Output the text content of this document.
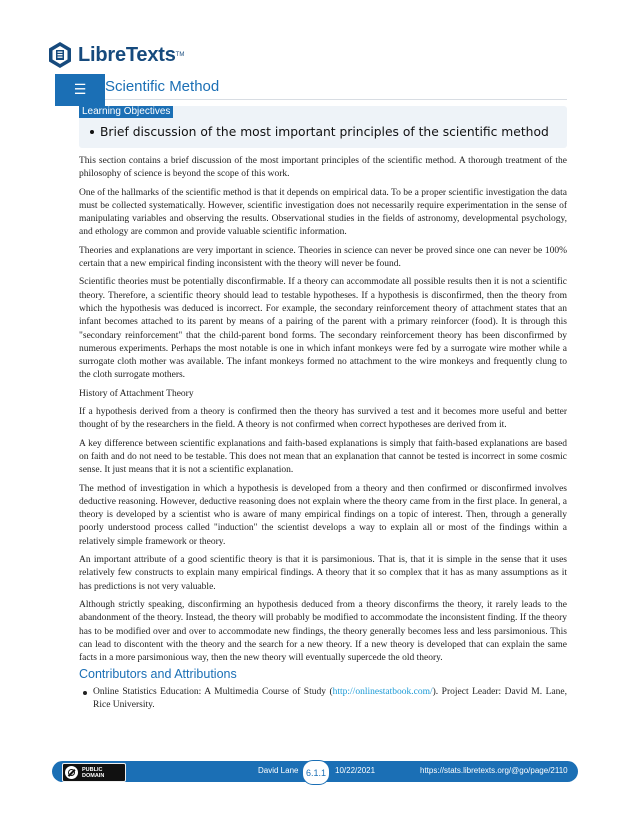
LibreTexts TM
☰ Scientific Method
Learning Objectives
Brief discussion of the most important principles of the scientific method

This section contains a brief discussion of the most important principles of the scientific method. A thorough treatment of the philosophy of science is beyond the scope of this work.

One of the hallmarks of the scientific method is that it depends on empirical data. To be a proper scientific investigation the data must be collected systematically. However, scientific investigation does not necessarily require experimentation in the sense of manipulating variables and observing the results. Observational studies in the fields of astronomy, developmental psychology, and ethology are common and provide valuable scientific information.

Theories and explanations are very important in science. Theories in science can never be proved since one can never be 100% certain that a new empirical finding inconsistent with the theory will never be found.

Scientific theories must be potentially disconfirmable. If a theory can accommodate all possible results then it is not a scientific theory. Therefore, a scientific theory should lead to testable hypotheses. If a hypothesis is disconfirmed, then the theory from which the hypothesis was deduced is incorrect. For example, the secondary reinforcement theory of attachment states that an infant becomes attached to its parent by means of a pairing of the parent with a primary reinforcer (food). It is through this "secondary reinforcement" that the child-parent bond forms. The secondary reinforcement theory has been disconfirmed by numerous experiments. Perhaps the most notable is one in which infant monkeys were fed by a surrogate wire mother while a surrogate cloth mother was available. The infant monkeys formed no attachment to the wire monkeys and frequently clung to the cloth surrogate mothers.

History of Attachment Theory

If a hypothesis derived from a theory is confirmed then the theory has survived a test and it becomes more useful and better thought of by the researchers in the field. A theory is not confirmed when correct hypotheses are derived from it.

A key difference between scientific explanations and faith-based explanations is simply that faith-based explanations are based on faith and do not need to be testable. This does not mean that an explanation that cannot be tested is incorrect in some cosmic sense. It just means that it is not a scientific explanation.

The method of investigation in which a hypothesis is developed from a theory and then confirmed or disconfirmed involves deductive reasoning. However, deductive reasoning does not explain where the theory came from in the first place. In general, a theory is developed by a scientist who is aware of many empirical findings on a topic of interest. Then, through a generally poorly understood process called "induction" the scientist develops a way to explain all or most of the findings within a relatively simple framework or theory.

An important attribute of a good scientific theory is that it is parsimonious. That is, that it is simple in the sense that it uses relatively few constructs to explain many empirical findings. A theory that it so complex that it has as many assumptions as it has predictions is not very valuable.

Although strictly speaking, disconfirming an hypothesis deduced from a theory disconfirms the theory, it rarely leads to the abandonment of the theory. Instead, the theory will probably be modified to accommodate the inconsistent finding. If the theory has to be modified over and over to accommodate new findings, the theory generally becomes less and less parsimonious. This can lead to discontent with the theory and the search for a new theory. If a new theory is developed that can explain the same facts in a more parsimonious way, then the new theory will eventually supercede the old theory.

Contributors and Attributions
Online Statistics Education: A Multimedia Course of Study (http://onlinestatbook.com/). Project Leader: David M. Lane, Rice University.
PUBLIC
DOMAIN
David Lane 6.1.1	10/22/2021	https://stats.libretexts.org/@go/page/2110
